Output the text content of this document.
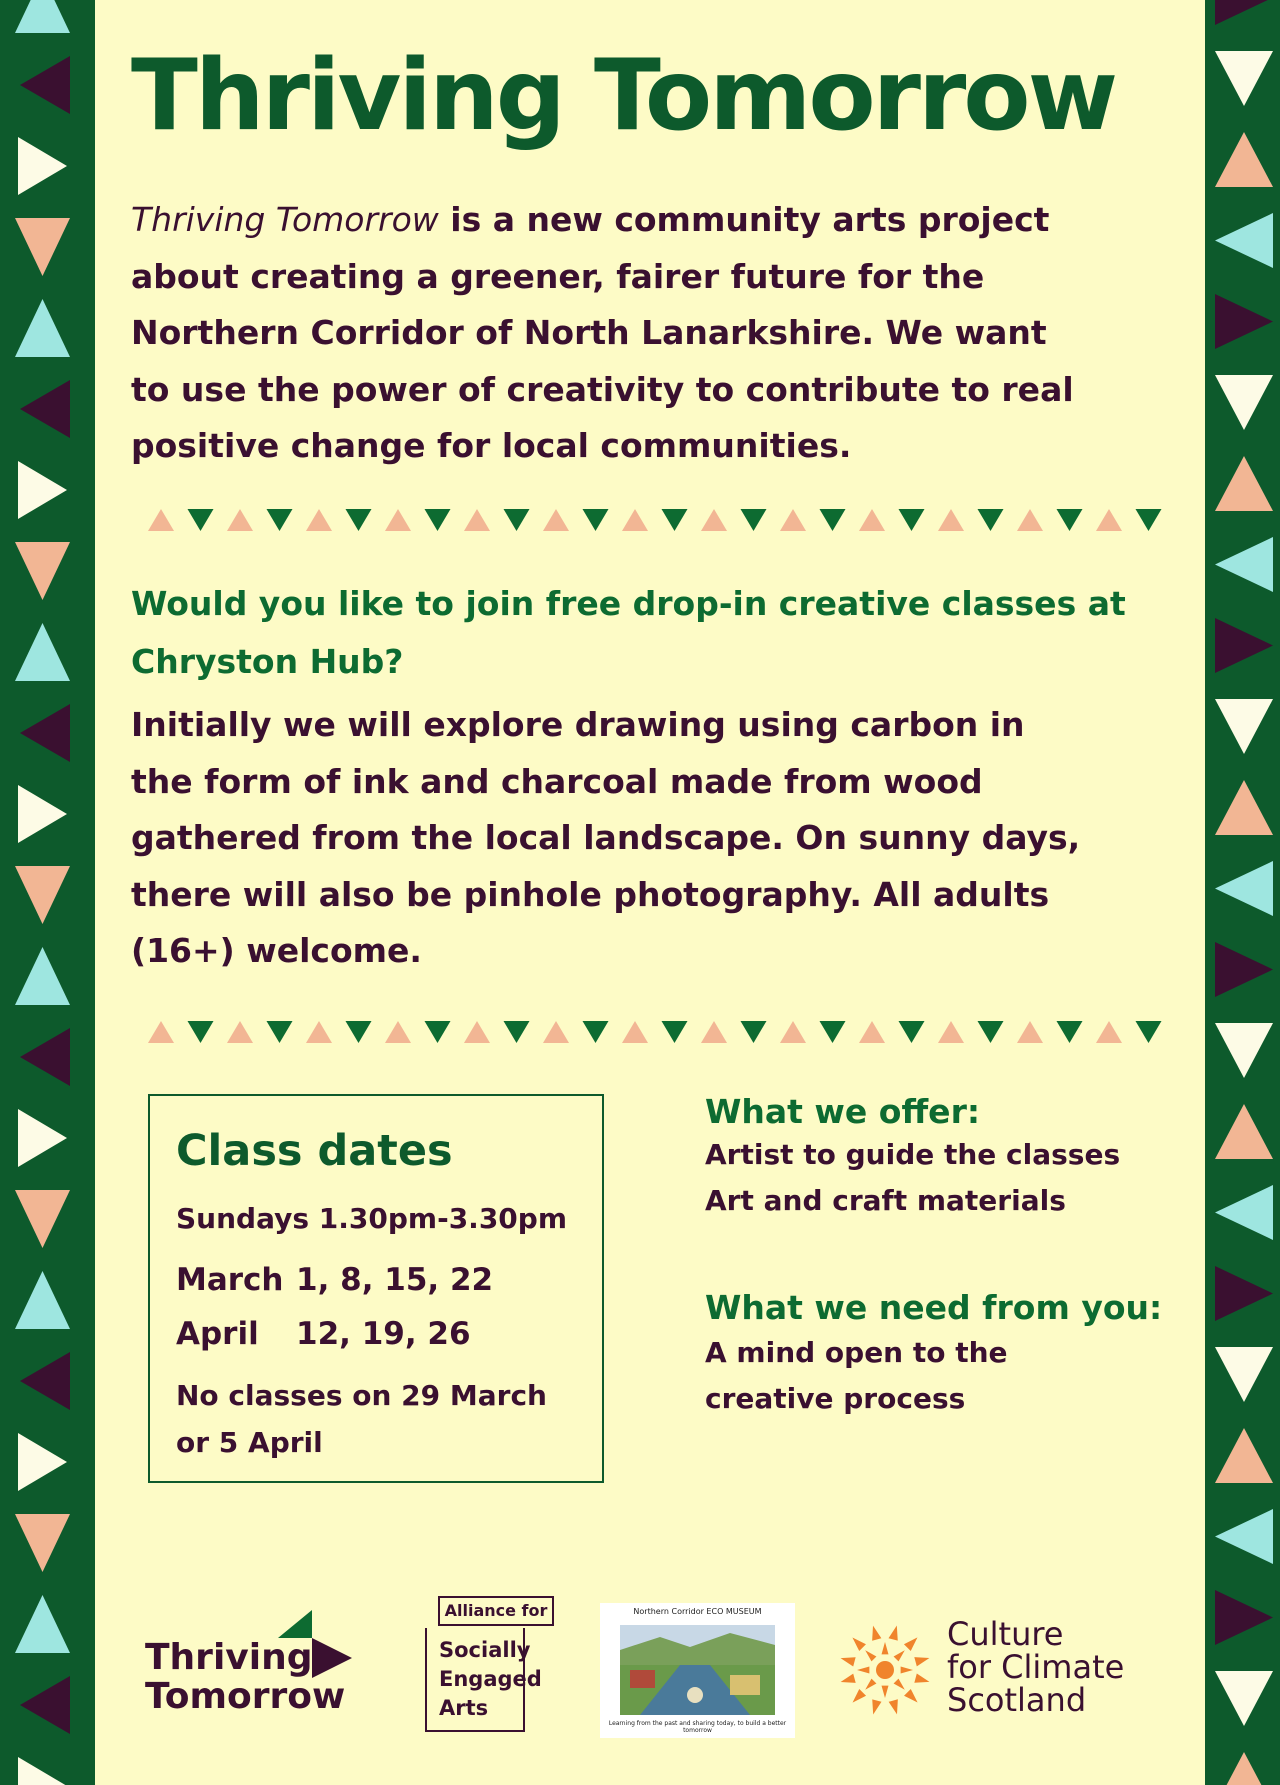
Thriving Tomorrow

Thriving Tomorrow is a new community arts project about creating a greener, fairer future for the Northern Corridor of North Lanarkshire. We want to use the power of creativity to contribute to real positive change for local communities.

Would you like to join free drop-in creative classes at Chryston Hub?

Initially we will explore drawing using carbon in the form of ink and charcoal made from wood gathered from the local landscape. On sunny days, there will also be pinhole photography. All adults (16+) welcome.

Class dates
Sundays 1.30pm-3.30pm
March 1, 8, 15, 22
April 12, 19, 26
No classes on 29 March or 5 April
What we offer:
Artist to guide the classes
Art and craft materials
What we need from you:
A mind open to the
creative process
Thriving
Tomorrow
Alliance for
Socially
Engaged
Arts
Northern Corridor ECO MUSEUM
Learning from the past and sharing today, to build a better tomorrow
Culture
for Climate
Scotland
